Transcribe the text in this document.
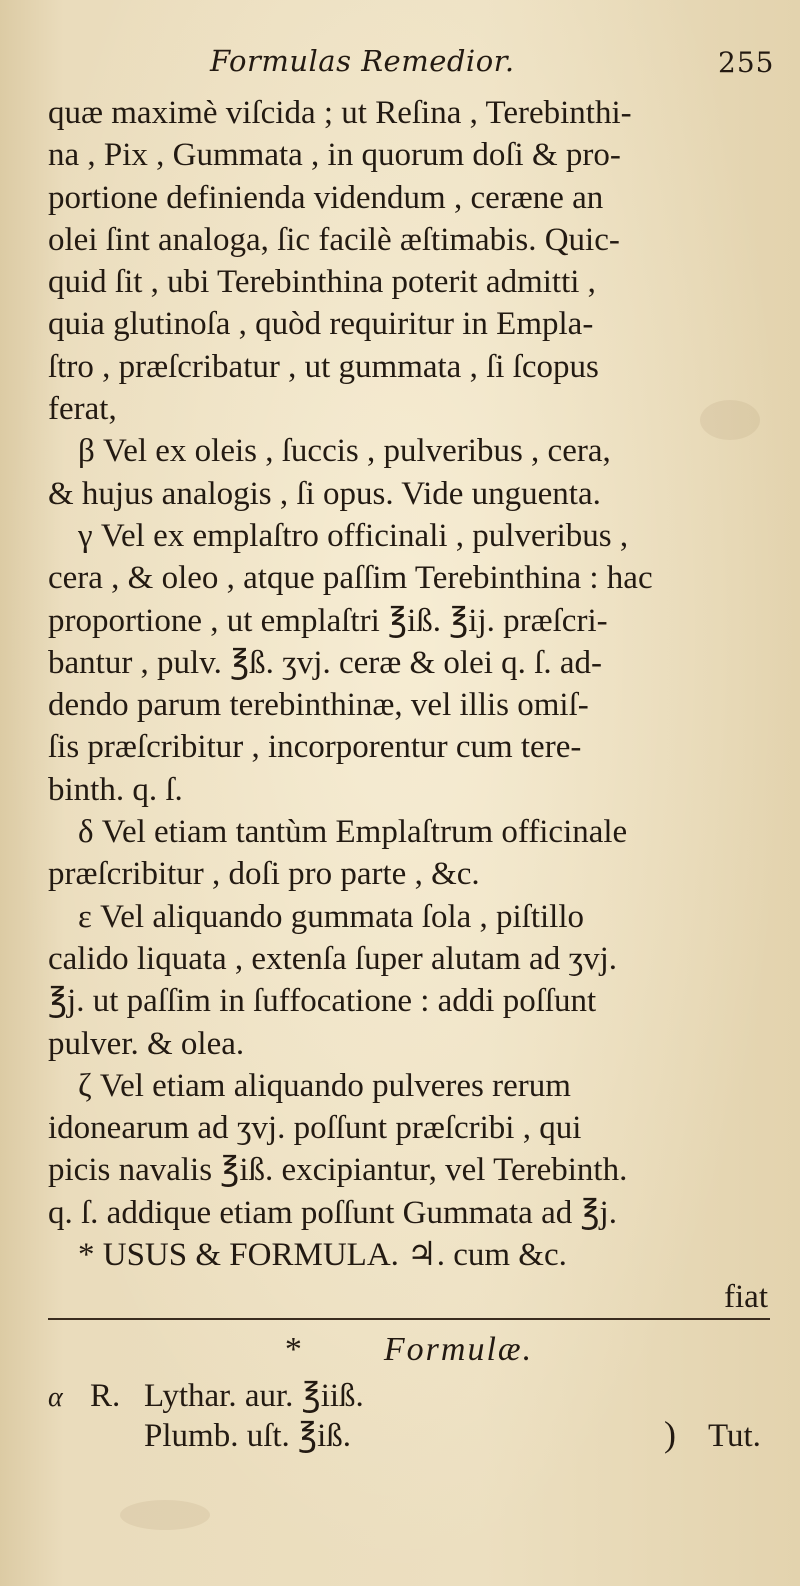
Formulas Remedior.	255

quæ maximè viſcida ; ut Reſina , Terebinthi-

na , Pix , Gummata , in quorum doſi & pro-

portione definienda videndum , ceræne an

olei ſint analoga, ſic facilè æſtimabis. Quic-

quid ſit , ubi Terebinthina poterit admitti ,

quia glutinoſa , quòd requiritur in Empla-

ſtro , præſcribatur , ut gummata , ſi ſcopus

ferat,

β Vel ex oleis , ſuccis , pulveribus , cera,

& hujus analogis , ſi opus. Vide unguenta.

γ Vel ex emplaſtro officinali , pulveribus ,

cera , & oleo , atque paſſim Terebinthina : hac

proportione , ut emplaſtri ℥iß. ℥ij. præſcri-

bantur , pulv. ℥ß. ʒvj. ceræ & olei q. ſ. ad-

dendo parum terebinthinæ, vel illis omiſ-

ſis præſcribitur , incorporentur cum tere-

binth. q. ſ.

δ Vel etiam tantùm Emplaſtrum officinale

præſcribitur , doſi pro parte , &c.

ε Vel aliquando gummata ſola , piſtillo

calido liquata , extenſa ſuper alutam ad ʒvj.

℥j. ut paſſim in ſuffocatione : addi poſſunt

pulver. & olea.

ζ Vel etiam aliquando pulveres rerum

idonearum ad ʒvj. poſſunt præſcribi , qui

picis navalis ℥iß. excipiantur, vel Terebinth.

q. ſ. addique etiam poſſunt Gummata ad ℥j.

* USUS & FORMULA. ♃. cum &c.

fiat

* Formulæ.
α R. Lythar. aur. ℥iiß.
Plumb. uſt. ℥iß.	) Tut.
